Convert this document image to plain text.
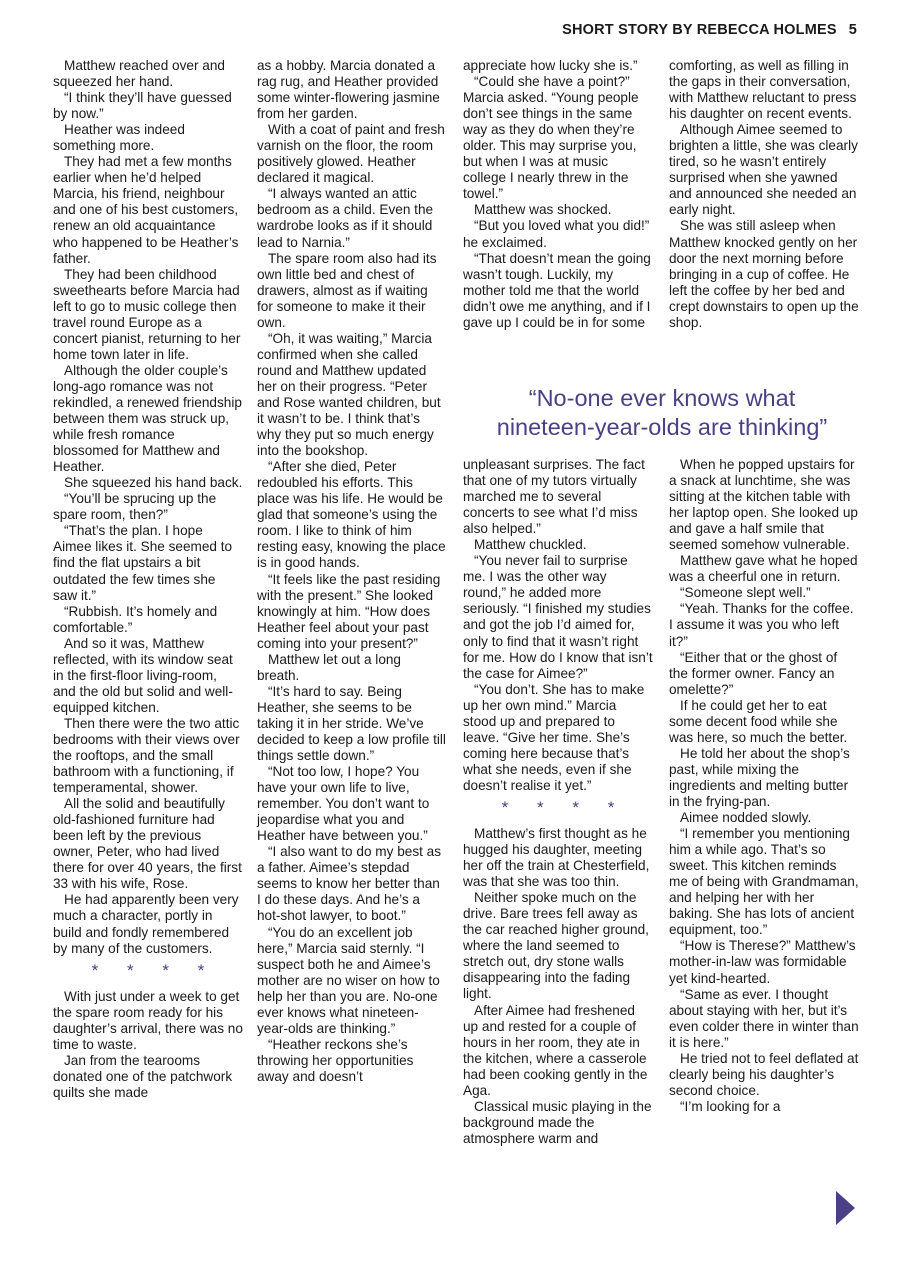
SHORT STORY BY REBECCA HOLMES 5

Matthew reached over and squeezed her hand.

“I think they’ll have guessed by now.”

Heather was indeed something more.

They had met a few months earlier when he’d helped Marcia, his friend, neighbour and one of his best customers, renew an old acquaintance who happened to be Heather’s father.

They had been childhood sweethearts before Marcia had left to go to music college then travel round Europe as a concert pianist, returning to her home town later in life.

Although the older couple’s long-ago romance was not rekindled, a renewed friendship between them was struck up, while fresh romance blossomed for Matthew and Heather.

She squeezed his hand back.

“You’ll be sprucing up the spare room, then?”

“That’s the plan. I hope Aimee likes it. She seemed to find the flat upstairs a bit outdated the few times she saw it.”

“Rubbish. It’s homely and comfortable.”

And so it was, Matthew reflected, with its window seat in the first-floor living-room, and the old but solid and well-equipped kitchen.

Then there were the two attic bedrooms with their views over the rooftops, and the small bathroom with a functioning, if temperamental, shower.

All the solid and beautifully old-fashioned furniture had been left by the previous owner, Peter, who had lived there for over 40 years, the first 33 with his wife, Rose.

He had apparently been very much a character, portly in build and fondly remembered by many of the customers.

* * * *

With just under a week to get the spare room ready for his daughter’s arrival, there was no time to waste.

Jan from the tearooms donated one of the patchwork quilts she made

as a hobby. Marcia donated a rag rug, and Heather provided some winter-flowering jasmine from her garden.

With a coat of paint and fresh varnish on the floor, the room positively glowed. Heather declared it magical.

“I always wanted an attic bedroom as a child. Even the wardrobe looks as if it should lead to Narnia.”

The spare room also had its own little bed and chest of drawers, almost as if waiting for someone to make it their own.

“Oh, it was waiting,” Marcia confirmed when she called round and Matthew updated her on their progress. “Peter and Rose wanted children, but it wasn’t to be. I think that’s why they put so much energy into the bookshop.

“After she died, Peter redoubled his efforts. This place was his life. He would be glad that someone’s using the room. I like to think of him resting easy, knowing the place is in good hands.

“It feels like the past residing with the present.” She looked knowingly at him. “How does Heather feel about your past coming into your present?”

Matthew let out a long breath.

“It’s hard to say. Being Heather, she seems to be taking it in her stride. We’ve decided to keep a low profile till things settle down.”

“Not too low, I hope? You have your own life to live, remember. You don’t want to jeopardise what you and Heather have between you.”

“I also want to do my best as a father. Aimee’s stepdad seems to know her better than I do these days. And he’s a hot-shot lawyer, to boot.”

“You do an excellent job here,” Marcia said sternly. “I suspect both he and Aimee’s mother are no wiser on how to help her than you are. No-one ever knows what nineteen-year-olds are thinking.”

“Heather reckons she’s throwing her opportunities away and doesn’t

appreciate how lucky she is.”

“Could she have a point?” Marcia asked. “Young people don’t see things in the same way as they do when they’re older. This may surprise you, but when I was at music college I nearly threw in the towel.”

Matthew was shocked.

“But you loved what you did!” he exclaimed.

“That doesn’t mean the going wasn’t tough. Luckily, my mother told me that the world didn’t owe me anything, and if I gave up I could be in for some

comforting, as well as filling in the gaps in their conversation, with Matthew reluctant to press his daughter on recent events.

Although Aimee seemed to brighten a little, she was clearly tired, so he wasn’t entirely surprised when she yawned and announced she needed an early night.

She was still asleep when Matthew knocked gently on her door the next morning before bringing in a cup of coffee. He left the coffee by her bed and crept downstairs to open up the shop.

“No-one ever knows what
nineteen-year-olds are thinking”

unpleasant surprises. The fact that one of my tutors virtually marched me to several concerts to see what I’d miss also helped.”

Matthew chuckled.

“You never fail to surprise me. I was the other way round,” he added more seriously. “I finished my studies and got the job I’d aimed for, only to find that it wasn’t right for me. How do I know that isn’t the case for Aimee?”

“You don’t. She has to make up her own mind.” Marcia stood up and prepared to leave. “Give her time. She’s coming here because that’s what she needs, even if she doesn’t realise it yet.”

* * * *

Matthew’s first thought as he hugged his daughter, meeting her off the train at Chesterfield, was that she was too thin.

Neither spoke much on the drive. Bare trees fell away as the car reached higher ground, where the land seemed to stretch out, dry stone walls disappearing into the fading light.

After Aimee had freshened up and rested for a couple of hours in her room, they ate in the kitchen, where a casserole had been cooking gently in the Aga.

Classical music playing in the background made the atmosphere warm and

When he popped upstairs for a snack at lunchtime, she was sitting at the kitchen table with her laptop open. She looked up and gave a half smile that seemed somehow vulnerable.

Matthew gave what he hoped was a cheerful one in return.

“Someone slept well.”

“Yeah. Thanks for the coffee. I assume it was you who left it?”

“Either that or the ghost of the former owner. Fancy an omelette?”

If he could get her to eat some decent food while she was here, so much the better.

He told her about the shop’s past, while mixing the ingredients and melting butter in the frying-pan.

Aimee nodded slowly.

“I remember you mentioning him a while ago. That’s so sweet. This kitchen reminds me of being with Grandmaman, and helping her with her baking. She has lots of ancient equipment, too.”

“How is Therese?” Matthew’s mother-in-law was formidable yet kind-hearted.

“Same as ever. I thought about staying with her, but it’s even colder there in winter than it is here.”

He tried not to feel deflated at clearly being his daughter’s second choice.

“I’m looking for a
